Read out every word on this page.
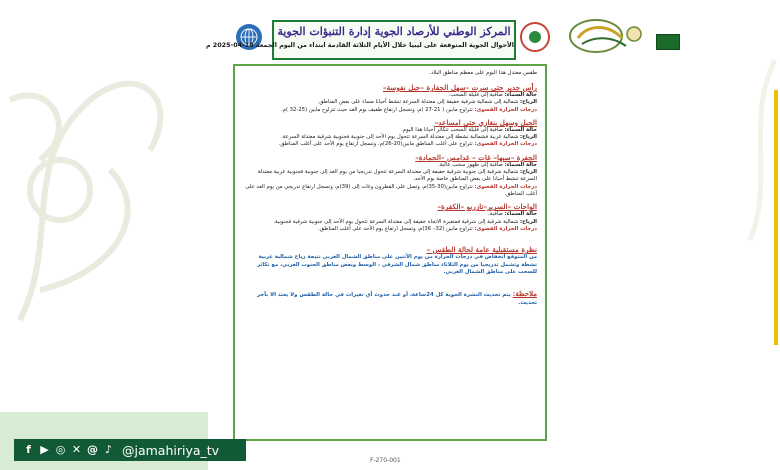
المركز الوطني للأرصاد الجوية إدارة التنبؤات الجوية
الأحوال الجوية المتوقعة على ليبيا خلال الأيام الثلاثة القادمة ابتداء من اليوم الجمعة 18-04-2025 م

طقس معتدل هذا اليوم على معظم مناطق البلاد.

رأس جدير حتى سرت –سهل الجفارة –جبل نفوسة–

حالة السماء: صافية إلى قليلة السحب.

الرياح: شمالية إلى شمالية شرقية خفيفة إلى معتدلة السرعة تنشط أحيانا مساء على بعض المناطق.

درجات الحرارة القصوى: تتراوح مابين ( 21-27 )م، وتسجل ارتفاع طفيف يوم الغد حيث تتراوح مابين (25-32 )م.

الجبل وسهل بنغازي حتى امساعد–

حالة السماء: صافية إلى قليلة السحب تتكاثر أحيانا هذا اليوم.

الرياح: شمالية غربية فشمالية نشطة إلى معتدلة السرعة تتحول يوم الأحد إلى جنوبية فجنوبية شرقية معتدلة السرعة.

درجات الحرارة القصوى: تتراوح على أغلب المناطق مابين(20-26)م، وتسجل ارتفاع يوم الأحد على أغلب المناطق.

الجفرة –سبها– غات – غدامس –الحمادة–

حالة السماء: صافية إلى ظهور سحب عالية.

الرياح: شمالية شرقية إلى جنوبية شرقية خفيفة إلى معتدلة السرعة تتحول تدريجيا من يوم الغد إلى جنوبية فجنوبية غربية معتدلة السرعة تنشط أحيانا على بعض المناطق خاصة يوم الأحد.

درجات الحرارة القصوى: تتراوح مابين(30-35)م، وتصل على القطرون وغات إلى (39)م، وتسجل ارتفاع تدريجي من يوم الغد على أغلب المناطق.

الواحات –السرير–تازربو –الكفرة–

حالة السماء: صافية.

الرياح: شمالية شرقية إلى شرقية فمتغيرة الاتجاه خفيفة إلى معتدلة السرعة تتحول يوم الأحد إلى جنوبية شرقية فجنوبية.

درجات الحرارة القصوى: تتراوح مابين (32– 36)م، وتسجل ارتفاع يوم الأحد على أغلب المناطق.

نظرة مستقبلية عامة لحالة الطقس –

من المتوقع انخفاض في درجات الحرارة من يوم الأثنين على مناطق الشمال الغربي نتيجة رياح شمالية غربية نشطة وتشمل تدريجيا من يوم الثلاثاء مناطق شمال الشرقي ، الوسط وبعض مناطق الجنوب الغربي، مع تكاثر للسحب على مناطق الشمال الغربي.

ملاحظة: يتم تحديث النشرة الجوية كل 24ساعة، أو عند حدوث أي تغيرات في حالة الطقس ولا يعتد الا بآخر تحديث.
F-270-001
f ▶ ◎ ✕ @ ♪ @jamahiriya_tv
